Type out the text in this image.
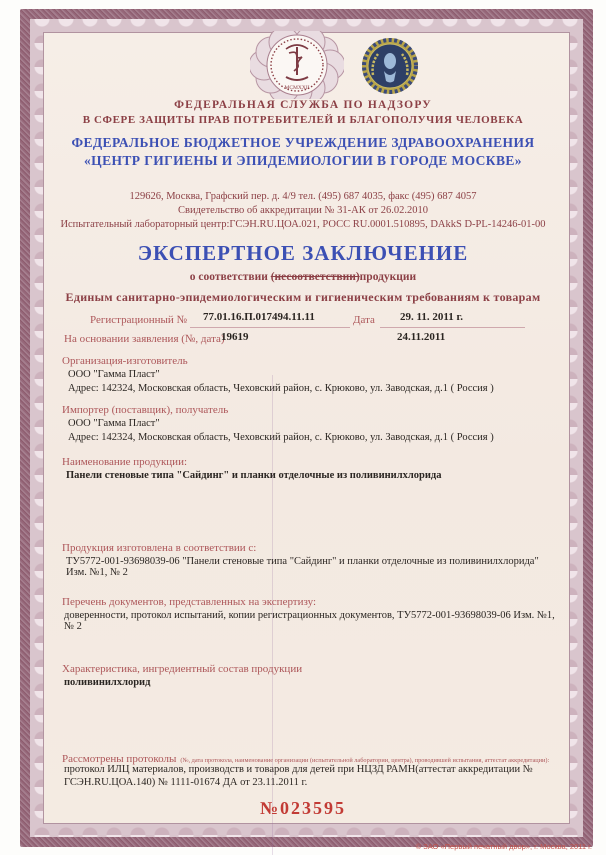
MCMXXII
ФЕДЕРАЛЬНАЯ СЛУЖБА ПО НАДЗОРУ
В СФЕРЕ ЗАЩИТЫ ПРАВ ПОТРЕБИТЕЛЕЙ И БЛАГОПОЛУЧИЯ ЧЕЛОВЕКА
ФЕДЕРАЛЬНОЕ БЮДЖЕТНОЕ УЧРЕЖДЕНИЕ ЗДРАВООХРАНЕНИЯ
«ЦЕНТР ГИГИЕНЫ И ЭПИДЕМИОЛОГИИ В ГОРОДЕ МОСКВЕ»
129626, Москва, Графский пер. д. 4/9 тел. (495) 687 4035, факс (495) 687 4057
Свидетельство об аккредитации № 31-АК от 26.02.2010
Испытательный лабораторный центр:ГСЭН.RU.ЦОА.021, РОСС RU.0001.510895, DAkkS D-PL-14246-01-00
ЭКСПЕРТНОЕ ЗАКЛЮЧЕНИЕ
о соответствии (несоответствии)продукции
Единым санитарно-эпидемиологическим и гигиеническим требованиям к товарам
Регистрационный № 77.01.16.П.017494.11.11	Дата 29. 11. 2011 г.
На основании заявления (№, дата)
19619	24.11.2011
Организация-изготовитель
ООО "Гамма Пласт"
Адрес: 142324, Московская область, Чеховский район, с. Крюково, ул. Заводская, д.1 ( Россия )
Импортер (поставщик), получатель
ООО "Гамма Пласт"
Адрес: 142324, Московская область, Чеховский район, с. Крюково, ул. Заводская, д.1 ( Россия )
Наименование продукции:
Панели стеновые типа "Сайдинг" и планки отделочные из поливинилхлорида
Продукция изготовлена в соответствии с:
ТУ5772-001-93698039-06 "Панели стеновые типа "Сайдинг" и планки отделочные из поливинилхлорида" Изм. №1, № 2
Перечень документов, представленных на экспертизу:
доверенности, протокол испытаний, копии регистрационных документов, ТУ5772-001-93698039-06 Изм. №1, № 2
Характеристика, ингредиентный состав продукции
поливинилхлорид
Рассмотрены протоколы (№, дата протокола, наименование организации (испытательной лаборатории, центра), проводившей испытания, аттестат аккредитации):
протокол ИЛЦ материалов, производств и товаров для детей при НЦЗД РАМН(аттестат аккредитации № ГСЭН.RU.ЦОА.140) № 1111-01674 ДА от 23.11.2011 г.
№023595
© ЗАО «Первый печатный двор», г. Москва, 2011 г.
